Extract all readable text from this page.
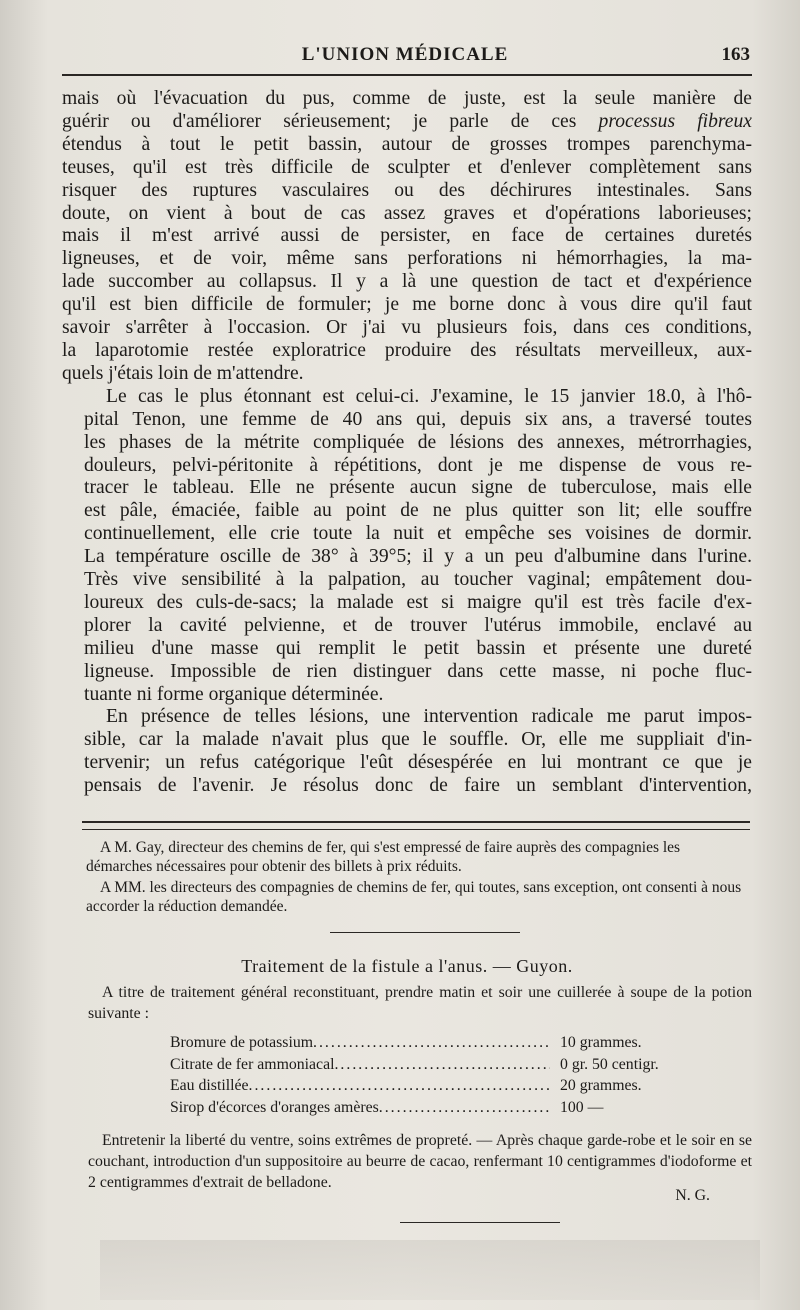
L'UNION MÉDICALE	163

mais où l'évacuation du pus, comme de juste, est la seule manière de
guérir ou d'améliorer sérieusement; je parle de ces processus fibreux
étendus à tout le petit bassin, autour de grosses trompes parenchyma-
teuses, qu'il est très difficile de sculpter et d'enlever complètement sans
risquer des ruptures vasculaires ou des déchirures intestinales. Sans
doute, on vient à bout de cas assez graves et d'opérations laborieuses;
mais il m'est arrivé aussi de persister, en face de certaines duretés
ligneuses, et de voir, même sans perforations ni hémorrhagies, la ma-
lade succomber au collapsus. Il y a là une question de tact et d'expérience
qu'il est bien difficile de formuler; je me borne donc à vous dire qu'il faut
savoir s'arrêter à l'occasion. Or j'ai vu plusieurs fois, dans ces conditions,
la laparotomie restée exploratrice produire des résultats merveilleux, aux-
quels j'étais loin de m'attendre.

Le cas le plus étonnant est celui-ci. J'examine, le 15 janvier 18.0, à l'hô-
pital Tenon, une femme de 40 ans qui, depuis six ans, a traversé toutes
les phases de la métrite compliquée de lésions des annexes, métrorrhagies,
douleurs, pelvi-péritonite à répétitions, dont je me dispense de vous re-
tracer le tableau. Elle ne présente aucun signe de tuberculose, mais elle
est pâle, émaciée, faible au point de ne plus quitter son lit; elle souffre
continuellement, elle crie toute la nuit et empêche ses voisines de dormir.
La température oscille de 38° à 39°5; il y a un peu d'albumine dans l'urine.
Très vive sensibilité à la palpation, au toucher vaginal; empâtement dou-
loureux des culs-de-sacs; la malade est si maigre qu'il est très facile d'ex-
plorer la cavité pelvienne, et de trouver l'utérus immobile, enclavé au
milieu d'une masse qui remplit le petit bassin et présente une dureté
ligneuse. Impossible de rien distinguer dans cette masse, ni poche fluc-
tuante ni forme organique déterminée.

En présence de telles lésions, une intervention radicale me parut impos-
sible, car la malade n'avait plus que le souffle. Or, elle me suppliait d'in-
tervenir; un refus catégorique l'eût désespérée en lui montrant ce que je
pensais de l'avenir. Je résolus donc de faire un semblant d'intervention,

A M. Gay, directeur des chemins de fer, qui s'est empressé de faire auprès des compagnies les démarches nécessaires pour obtenir des billets à prix réduits.

A MM. les directeurs des compagnies de chemins de fer, qui toutes, sans exception, ont consenti à nous accorder la réduction demandée.

Traitement de la fistule a l'anus. — Guyon.

A titre de traitement général reconstituant, prendre matin et soir une cuillerée à soupe de la potion suivante :

Bromure de potassium .....	10 grammes.
Citrate de fer ammoniacal .....	0 gr. 50 centigr.
Eau distillée .....	20 grammes.
Sirop d'écorces d'oranges amères .....	100 —

Entretenir la liberté du ventre, soins extrêmes de propreté. — Après chaque garde-robe et le soir en se couchant, introduction d'un suppositoire au beurre de cacao, renfermant 10 centigrammes d'iodoforme et 2 centigrammes d'extrait de belladone.

N. G.
